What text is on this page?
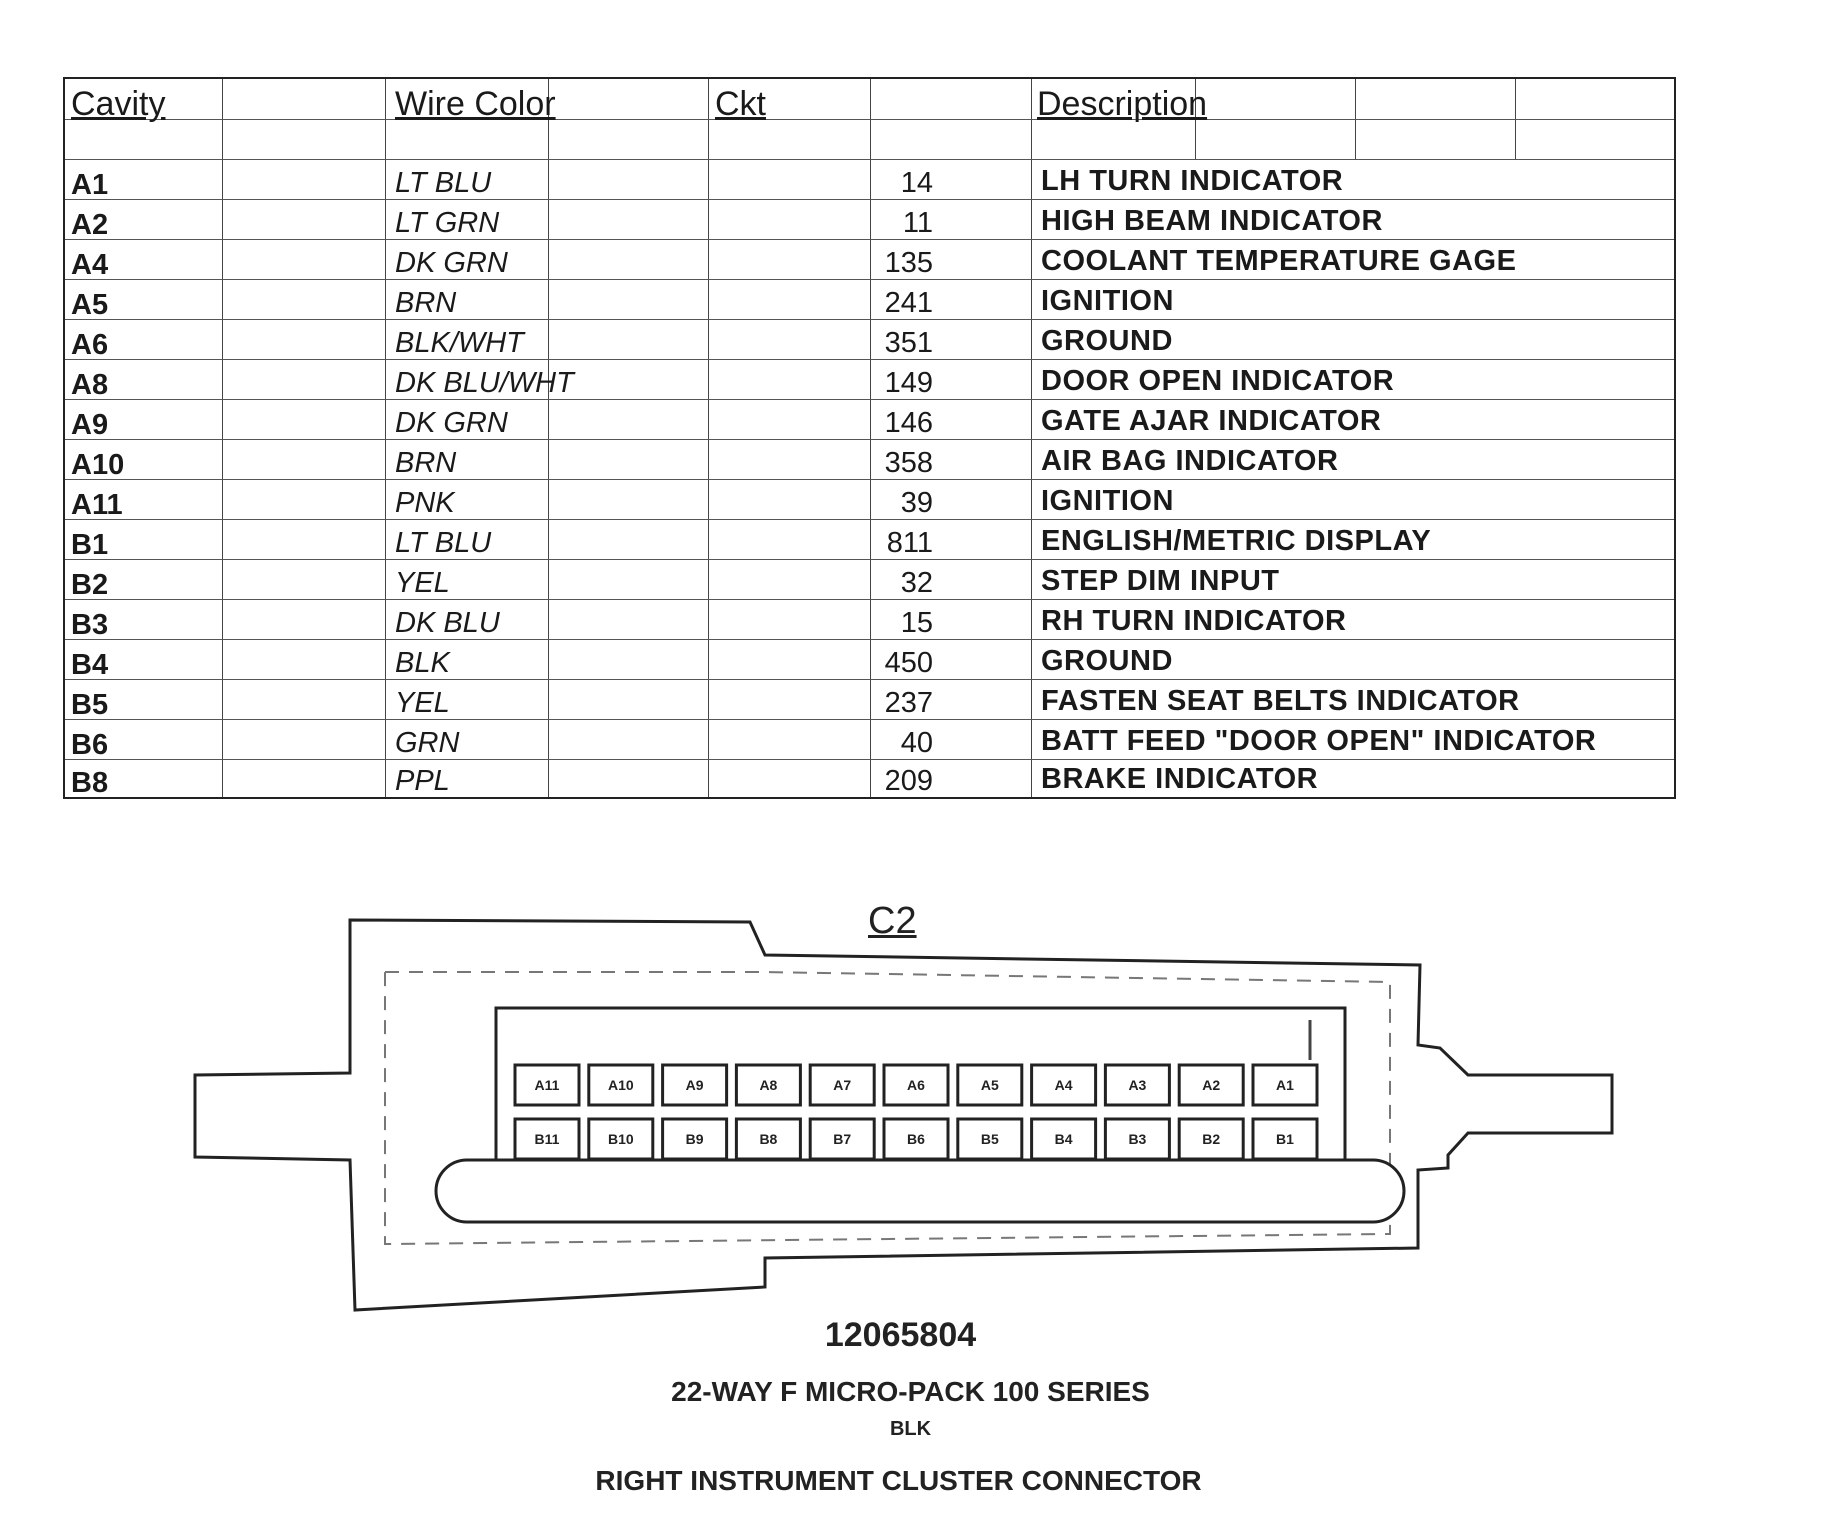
Cavity	Wire Color	Ckt	Description
A1	LT BLU	14	LH TURN INDICATOR
A2	LT GRN	11	HIGH BEAM INDICATOR
A4	DK GRN	135	COOLANT TEMPERATURE GAGE
A5	BRN	241	IGNITION
A6	BLK/WHT	351	GROUND
A8	DK BLU/WHT	149	DOOR OPEN INDICATOR
A9	DK GRN	146	GATE AJAR INDICATOR
A10	BRN	358	AIR BAG INDICATOR
A11	PNK	39	IGNITION
B1	LT BLU	811	ENGLISH/METRIC DISPLAY
B2	YEL	32	STEP DIM INPUT
B3	DK BLU	15	RH TURN INDICATOR
B4	BLK	450	GROUND
B5	YEL	237	FASTEN SEAT BELTS INDICATOR
B6	GRN	40	BATT FEED "DOOR OPEN" INDICATOR
B8	PPL	209	BRAKE INDICATOR
A11	A10	A9	A8	A7	A6	A5	A4	A3	A2	A1
B11	B10	B9	B8	B7	B6	B5	B4	B3	B2	B1
C2
12065804
22-WAY F MICRO-PACK 100 SERIES
BLK
RIGHT INSTRUMENT CLUSTER CONNECTOR
